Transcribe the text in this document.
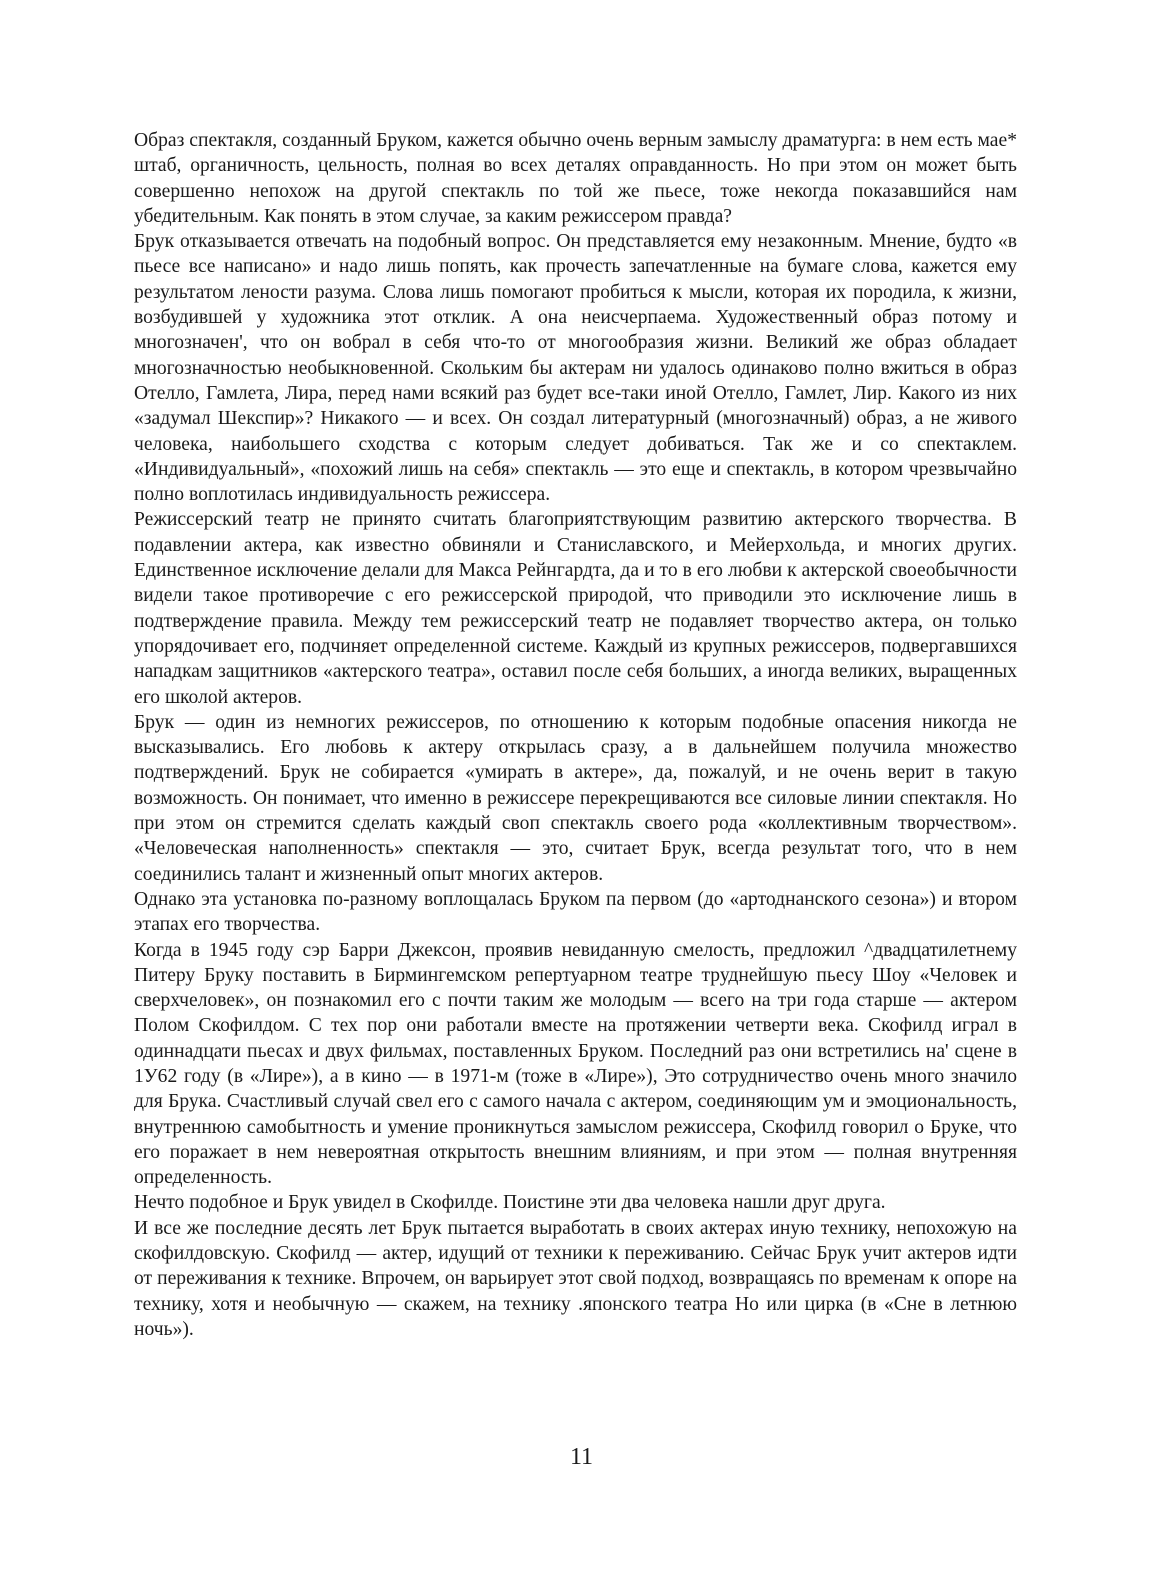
Образ спектакля, созданный Бруком, кажется обычно очень верным замыслу драматурга: в нем есть мае* штаб, органичность, цельность, полная во всех деталях оправданность. Но при этом он может быть совершенно непохож на другой спектакль по той же пьесе, тоже некогда показавшийся нам убедительным. Как понять в этом случае, за каким режиссером правда?

Брук отказывается отвечать на подобный вопрос. Он представляется ему незаконным. Мнение, будто «в пьесе все написано» и надо лишь попять, как прочесть запечатленные на бумаге слова, кажется ему результатом лености разума. Слова лишь помогают пробиться к мысли, которая их породила, к жизни, возбудившей у художника этот отклик. А она неисчерпаема. Художественный образ потому и многозначен', что он вобрал в себя что-то от многообразия жизни. Великий же образ обладает многозначностью необыкновенной. Скольким бы актерам ни удалось одинаково полно вжиться в образ Отелло, Гамлета, Лира, перед нами всякий раз будет все-таки иной Отелло, Гамлет, Лир. Какого из них «задумал Шекспир»? Никакого — и всех. Он создал литературный (многозначный) образ, а не живого человека, наибольшего сходства с которым следует добиваться. Так же и со спектаклем. «Индивидуальный», «похожий лишь на себя» спектакль — это еще и спектакль, в котором чрезвычайно полно воплотилась индивидуальность режиссера.

Режиссерский театр не принято считать благоприятствующим развитию актерского творчества. В подавлении актера, как известно обвиняли и Станиславского, и Мейерхольда, и многих других. Единственное исключение делали для Макса Рейнгардта, да и то в его любви к актерской своеобычности видели такое противоречие с его режиссерской природой, что приводили это исключение лишь в подтверждение правила. Между тем режиссерский театр не подавляет творчество актера, он только упорядочивает его, подчиняет определенной системе. Каждый из крупных режиссеров, подвергавшихся нападкам защитников «актерского театра», оставил после себя больших, а иногда великих, выращенных его школой актеров.

Брук — один из немногих режиссеров, по отношению к которым подобные опасения никогда не высказывались. Его любовь к актеру открылась сразу, а в дальнейшем получила множество подтверждений. Брук не собирается «умирать в актере», да, пожалуй, и не очень верит в такую возможность. Он понимает, что именно в режиссере перекрещиваются все силовые линии спектакля. Но при этом он стремится сделать каждый своп спектакль своего рода «коллективным творчеством». «Человеческая наполненность» спектакля — это, считает Брук, всегда результат того, что в нем соединились талант и жизненный опыт многих актеров.

Однако эта установка по-разному воплощалась Бруком па первом (до «артоднанского сезона») и втором этапах его творчества.

Когда в 1945 году сэр Барри Джексон, проявив невиданную смелость, предложил ^двадцатилетнему Питеру Бруку поставить в Бирмингемском репертуарном театре труднейшую пьесу Шоу «Человек и сверхчеловек», он познакомил его с почти таким же молодым — всего на три года старше — актером Полом Скофилдом. С тех пор они работали вместе на протяжении четверти века. Скофилд играл в одиннадцати пьесах и двух фильмах, поставленных Бруком. Последний раз они встретились на' сцене в 1У62 году (в «Лире»), а в кино — в 1971-м (тоже в «Лире»), Это сотрудничество очень много значило для Брука. Счастливый случай свел его с самого начала с актером, соединяющим ум и эмоциональность, внутреннюю самобытность и умение проникнуться замыслом режиссера, Скофилд говорил о Бруке, что его поражает в нем невероятная открытость внешним влияниям, и при этом — полная внутренняя определенность.

Нечто подобное и Брук увидел в Скофилде. Поистине эти два человека нашли друг друга.

И все же последние десять лет Брук пытается выработать в своих актерах иную технику, непохожую на скофилдовскую. Скофилд — актер, идущий от техники к переживанию. Сейчас Брук учит актеров идти от переживания к технике. Впрочем, он варьирует этот свой подход, возвращаясь по временам к опоре на технику, хотя и необычную — скажем, на технику .японского театра Но или цирка (в «Сне в летнюю ночь»).

11
